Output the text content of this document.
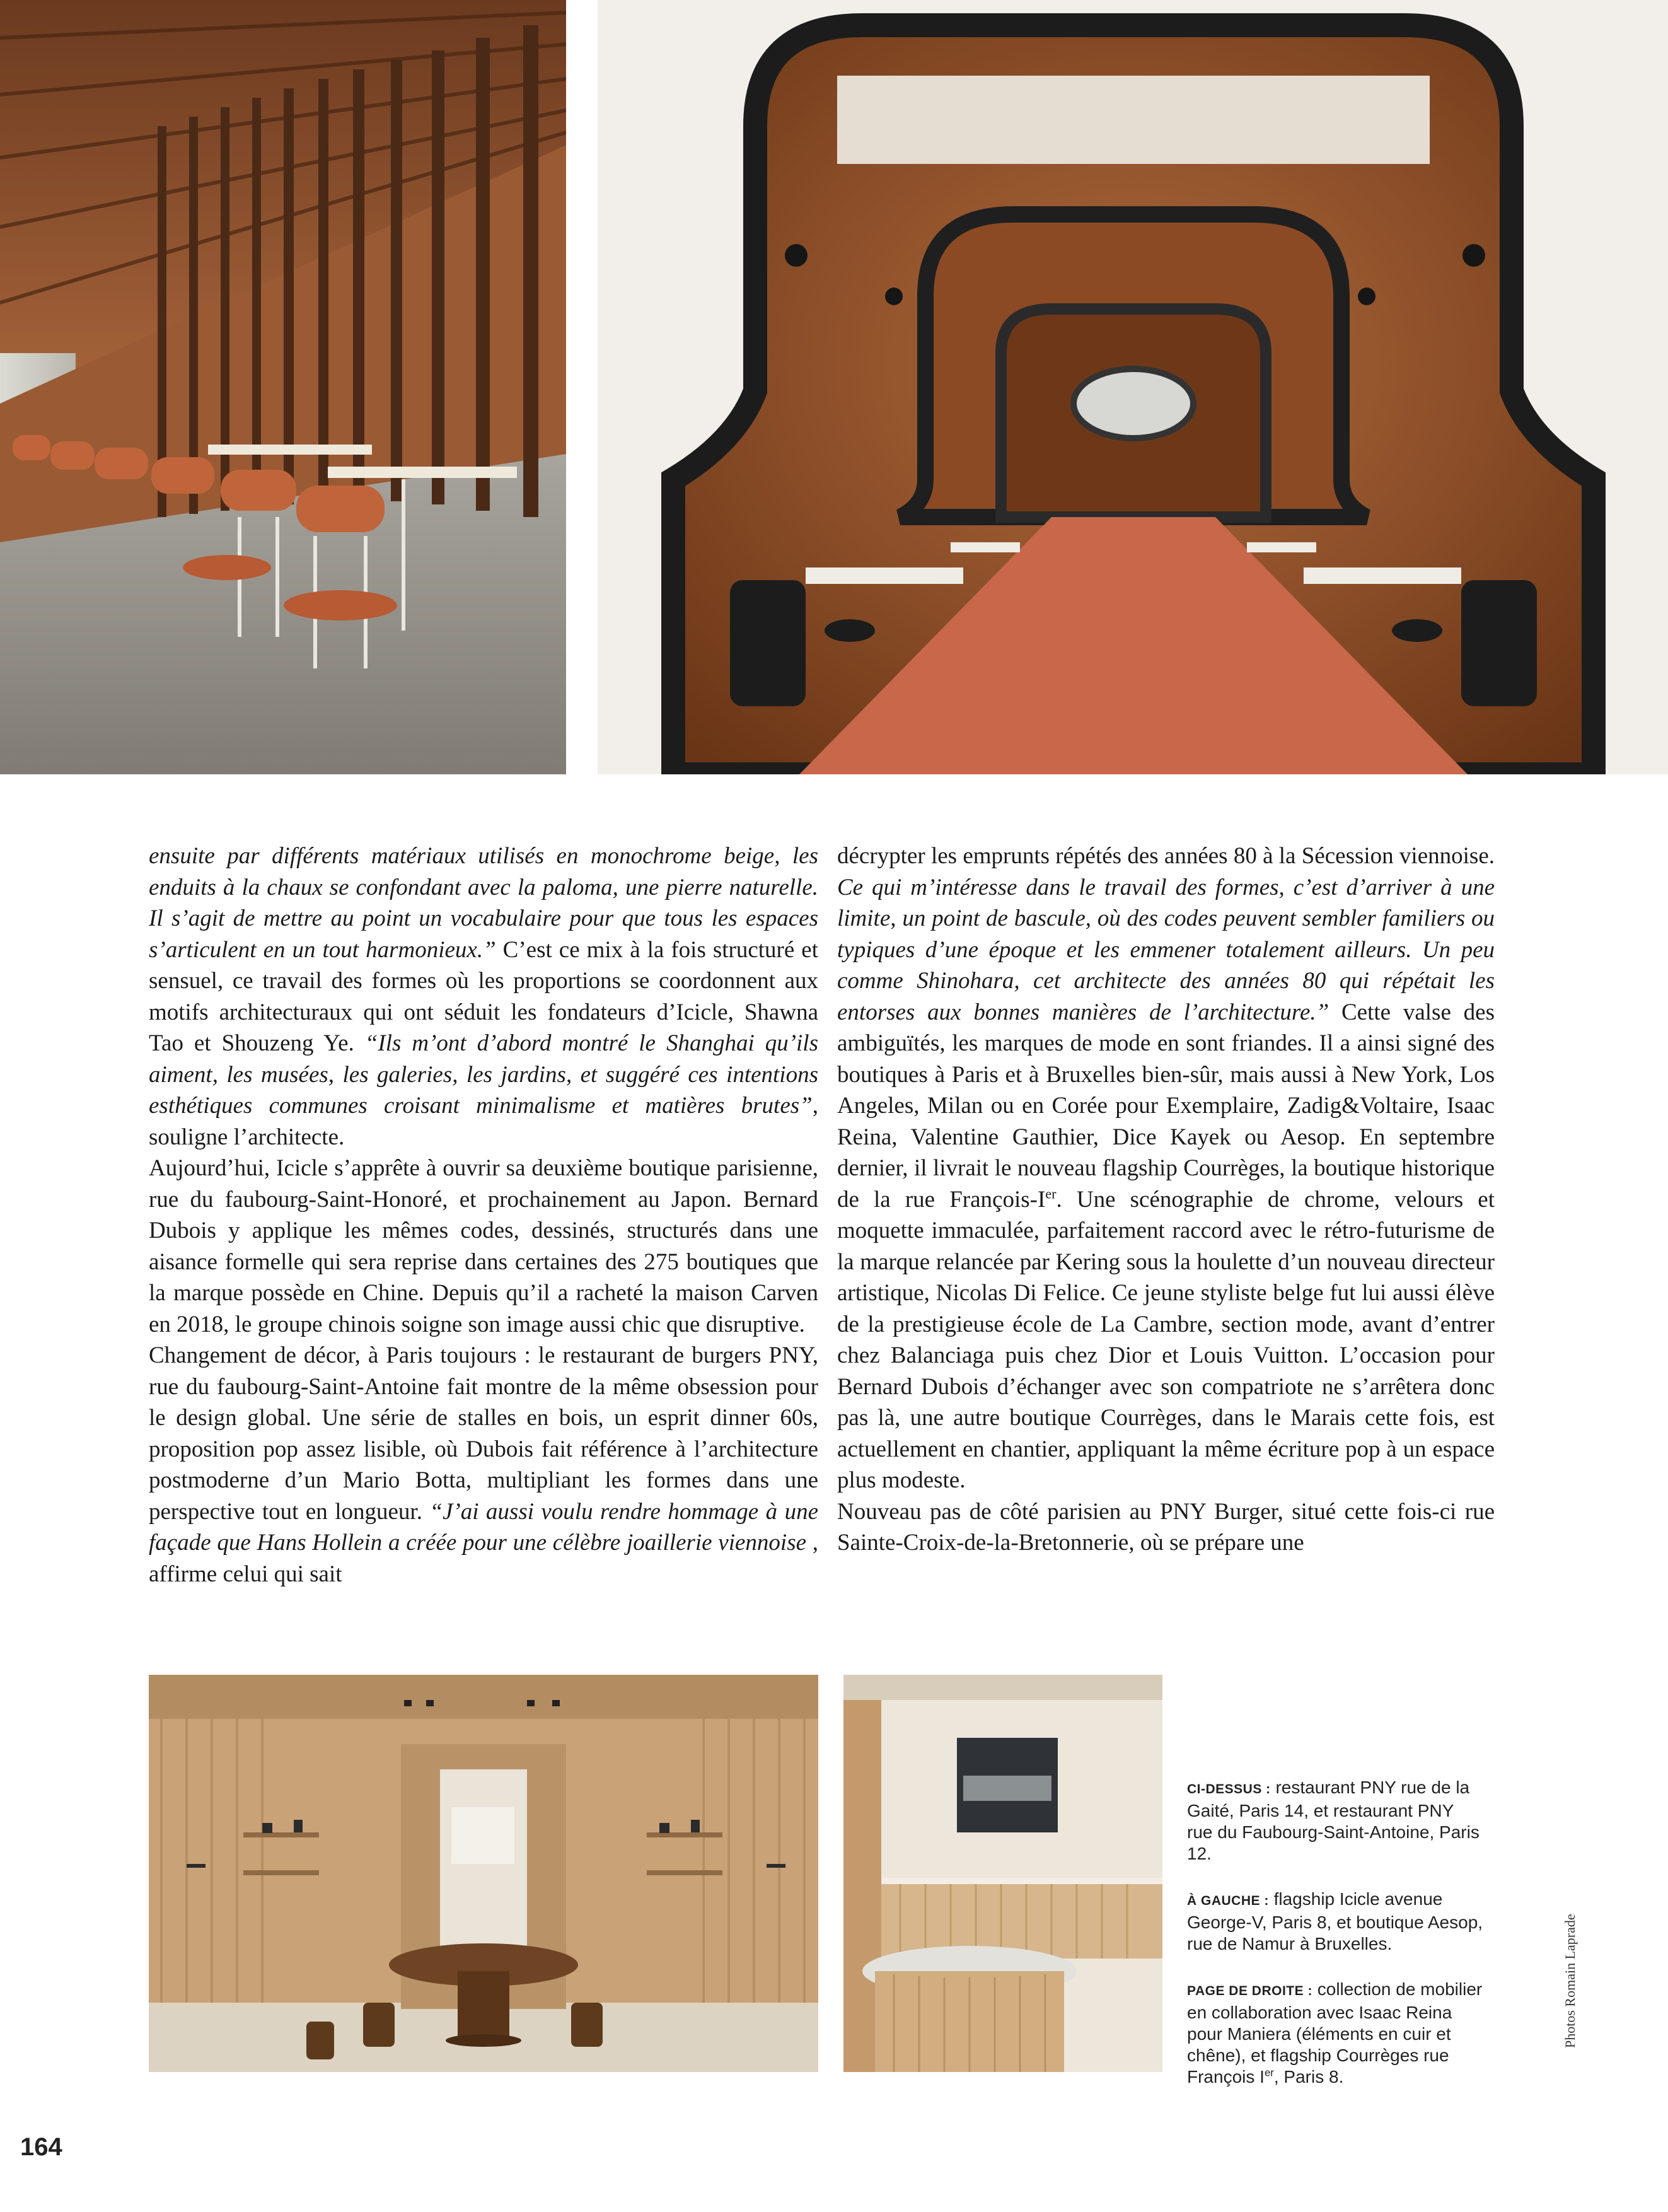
ensuite par différents matériaux utilisés en monochrome beige, les enduits à la chaux se confondant avec la paloma, une pierre naturelle. Il s’agit de mettre au point un vocabulaire pour que tous les espaces s’articulent en un tout harmonieux.” C’est ce mix à la fois structuré et sensuel, ce travail des formes où les proportions se coordonnent aux motifs architecturaux qui ont séduit les fondateurs d’Icicle, Shawna Tao et Shouzeng Ye. “Ils m’ont d’abord montré le Shanghai qu’ils aiment, les musées, les galeries, les jardins, et suggéré ces intentions esthétiques communes croisant minimalisme et matières brutes”, souligne l’architecte.

Aujourd’hui, Icicle s’apprête à ouvrir sa deuxième boutique parisienne, rue du faubourg-Saint-Honoré, et prochainement au Japon. Bernard Dubois y applique les mêmes codes, dessinés, structurés dans une aisance formelle qui sera reprise dans certaines des 275 boutiques que la marque possède en Chine. Depuis qu’il a racheté la maison Carven en 2018, le groupe chinois soigne son image aussi chic que disruptive.

Changement de décor, à Paris toujours : le restaurant de burgers PNY, rue du faubourg-Saint-Antoine fait montre de la même obsession pour le design global. Une série de stalles en bois, un esprit dinner 60s, proposition pop assez lisible, où Dubois fait référence à l’architecture postmoderne d’un Mario Botta, multipliant les formes dans une perspective tout en longueur. “J’ai aussi voulu rendre hommage à une façade que Hans Hollein a créée pour une célèbre joaillerie viennoise , affirme celui qui sait

décrypter les emprunts répétés des années 80 à la Sécession viennoise. Ce qui m’intéresse dans le travail des formes, c’est d’arriver à une limite, un point de bascule, où des codes peuvent sembler familiers ou typiques d’une époque et les emmener totalement ailleurs. Un peu comme Shinohara, cet architecte des années 80 qui répétait les entorses aux bonnes manières de l’architecture.” Cette valse des ambiguïtés, les marques de mode en sont friandes. Il a ainsi signé des boutiques à Paris et à Bruxelles bien-sûr, mais aussi à New York, Los Angeles, Milan ou en Corée pour Exemplaire, Zadig&Voltaire, Isaac Reina, Valentine Gauthier, Dice Kayek ou Aesop. En septembre dernier, il livrait le nouveau flagship Courrèges, la boutique historique de la rue François-Ier. Une scénographie de chrome, velours et moquette immaculée, parfaitement raccord avec le rétro-futurisme de la marque relancée par Kering sous la houlette d’un nouveau directeur artistique, Nicolas Di Felice. Ce jeune styliste belge fut lui aussi élève de la prestigieuse école de La Cambre, section mode, avant d’entrer chez Balanciaga puis chez Dior et Louis Vuitton. L’occasion pour Bernard Dubois d’échanger avec son compatriote ne s’arrêtera donc pas là, une autre boutique Courrèges, dans le Marais cette fois, est actuellement en chantier, appliquant la même écriture pop à un espace plus modeste.

Nouveau pas de côté parisien au PNY Burger, situé cette fois-ci rue Sainte-Croix-de-la-Bretonnerie, où se prépare une

CI-DESSUS : restaurant PNY rue de la Gaité, Paris 14, et restaurant PNY rue du Faubourg-Saint-Antoine, Paris 12.

À GAUCHE : flagship Icicle avenue George-V, Paris 8, et boutique Aesop, rue de Namur à Bruxelles.

PAGE DE DROITE : collection de mobilier en collaboration avec Isaac Reina pour Maniera (éléments en cuir et chêne), et flagship Courrèges rue François Ier, Paris 8.

Photos Romain Laprade
164
